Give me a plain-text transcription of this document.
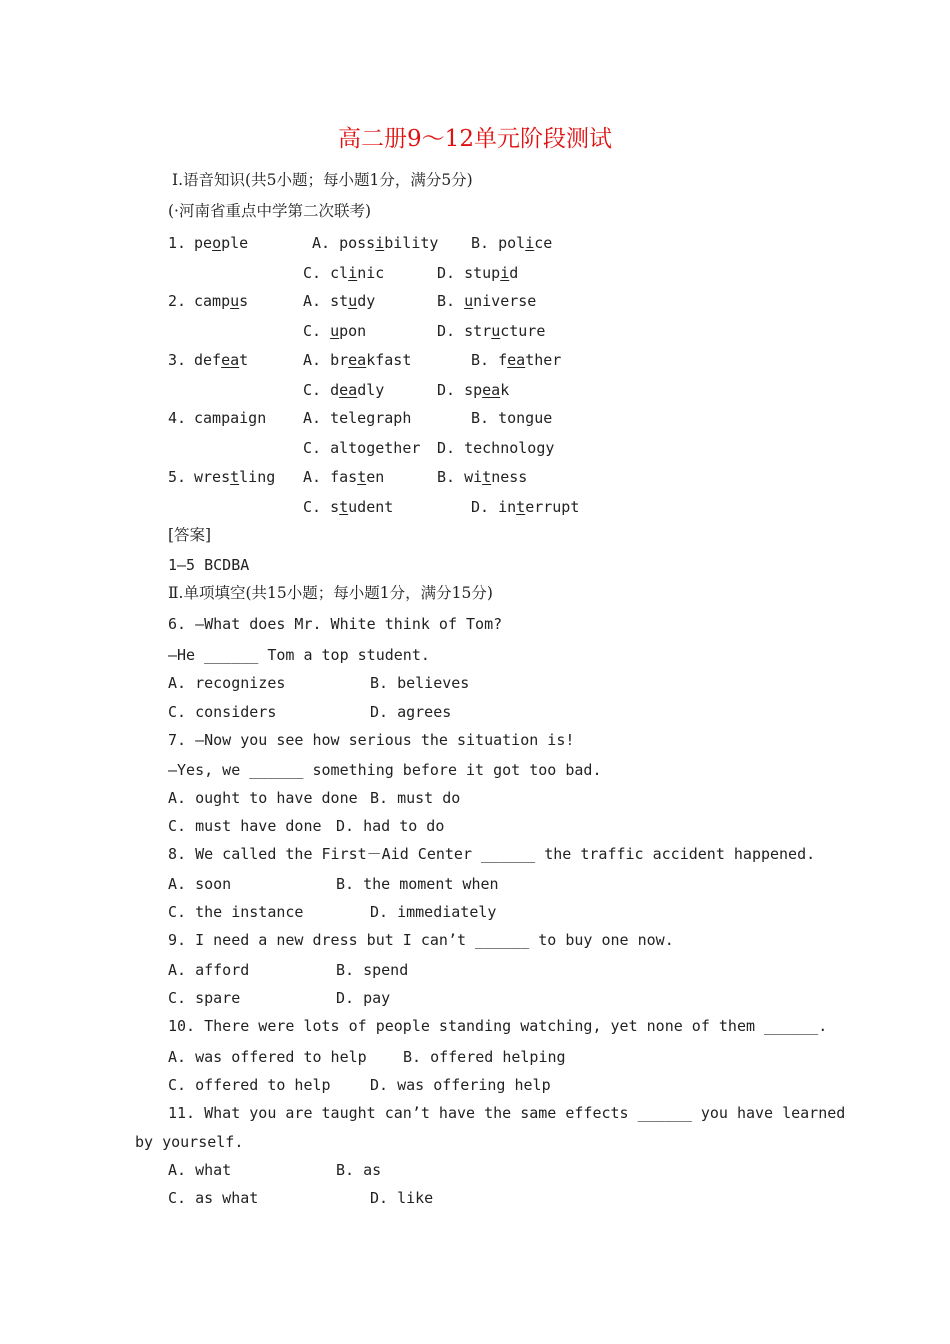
高二册9～12单元阶段测试
Ⅰ.语音知识(共5小题；每小题1分，满分5分)
(·河南省重点中学第二次联考)
1. people	A. possibility B. police
C. clinic	D. stupid
2. campus	A. study	B. universe
C. upon	D. structure
3. defeat	A. breakfast	B. feather
C. deadly	D. speak
4. campaign A. telegraph	B. tongue
C. altogether D. technology
5. wrestling A. fasten	B. witness
C. student	D. interrupt
[答案]
1—5 BCDBA
Ⅱ.单项填空(共15小题；每小题1分，满分15分)
6. —What does Mr. White think of Tom?
—He ______ Tom a top student.
A. recognizes	B. believes
C. considers	D. agrees
7. —Now you see how serious the situation is!
—Yes, we ______ something before it got too bad.
A. ought to have done B. must do
C. must have done D. had to do
8. We called the First－Aid Center ______ the traffic accident happened.
A. soon	B. the moment when
C. the instance	D. immediately
9. I need a new dress but I can’t ______ to buy one now.
A. afford	B. spend
C. spare	D. pay
10. There were lots of people standing watching, yet none of them ______.
A. was offered to help B. offered helping
C. offered to help	D. was offering help
11. What you are taught can’t have the same effects ______ you have learned
by yourself.
A. what	B. as
C. as what	D. like
